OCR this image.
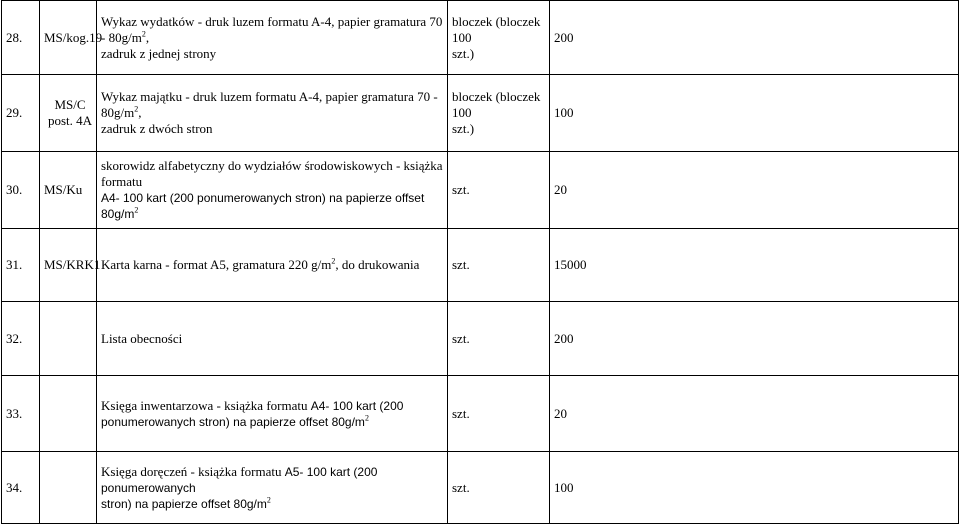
28.	MS/kog.19	Wykaz wydatków - druk luzem formatu A-4, papier gramatura $70 - 80g/m^2$,
zadruk z jednej strony	bloczek (bloczek 100
szt.)	200
29.	MS/C
post. 4A	Wykaz majątku - druk luzem formatu A-4, papier gramatura $70 - 80g/m^2$,
zadruk z dwóch stron	bloczek (bloczek 100
szt.)	100
30.	MS/Ku	skorowidz alfabetyczny do wydziałów środowiskowych - książka formatu
A4- 100 kart (200 ponumerowanych stron) na papierze offset $80g/m^2$	szt.	20
31.	MS/KRK1	Karta karna - format A5, gramatura 220 $g/m^2$, do drukowania	szt.	15000
32.		Lista obecności	szt.	200
33.		Księga inwentarzowa - książka formatu A4- 100 kart (200
ponumerowanych stron) na papierze offset $80g/m^2$	szt.	20
34.		Księga doręczeń - książka formatu A5- 100 kart (200 ponumerowanych
stron) na papierze offset $80g/m^2$	szt.	100
